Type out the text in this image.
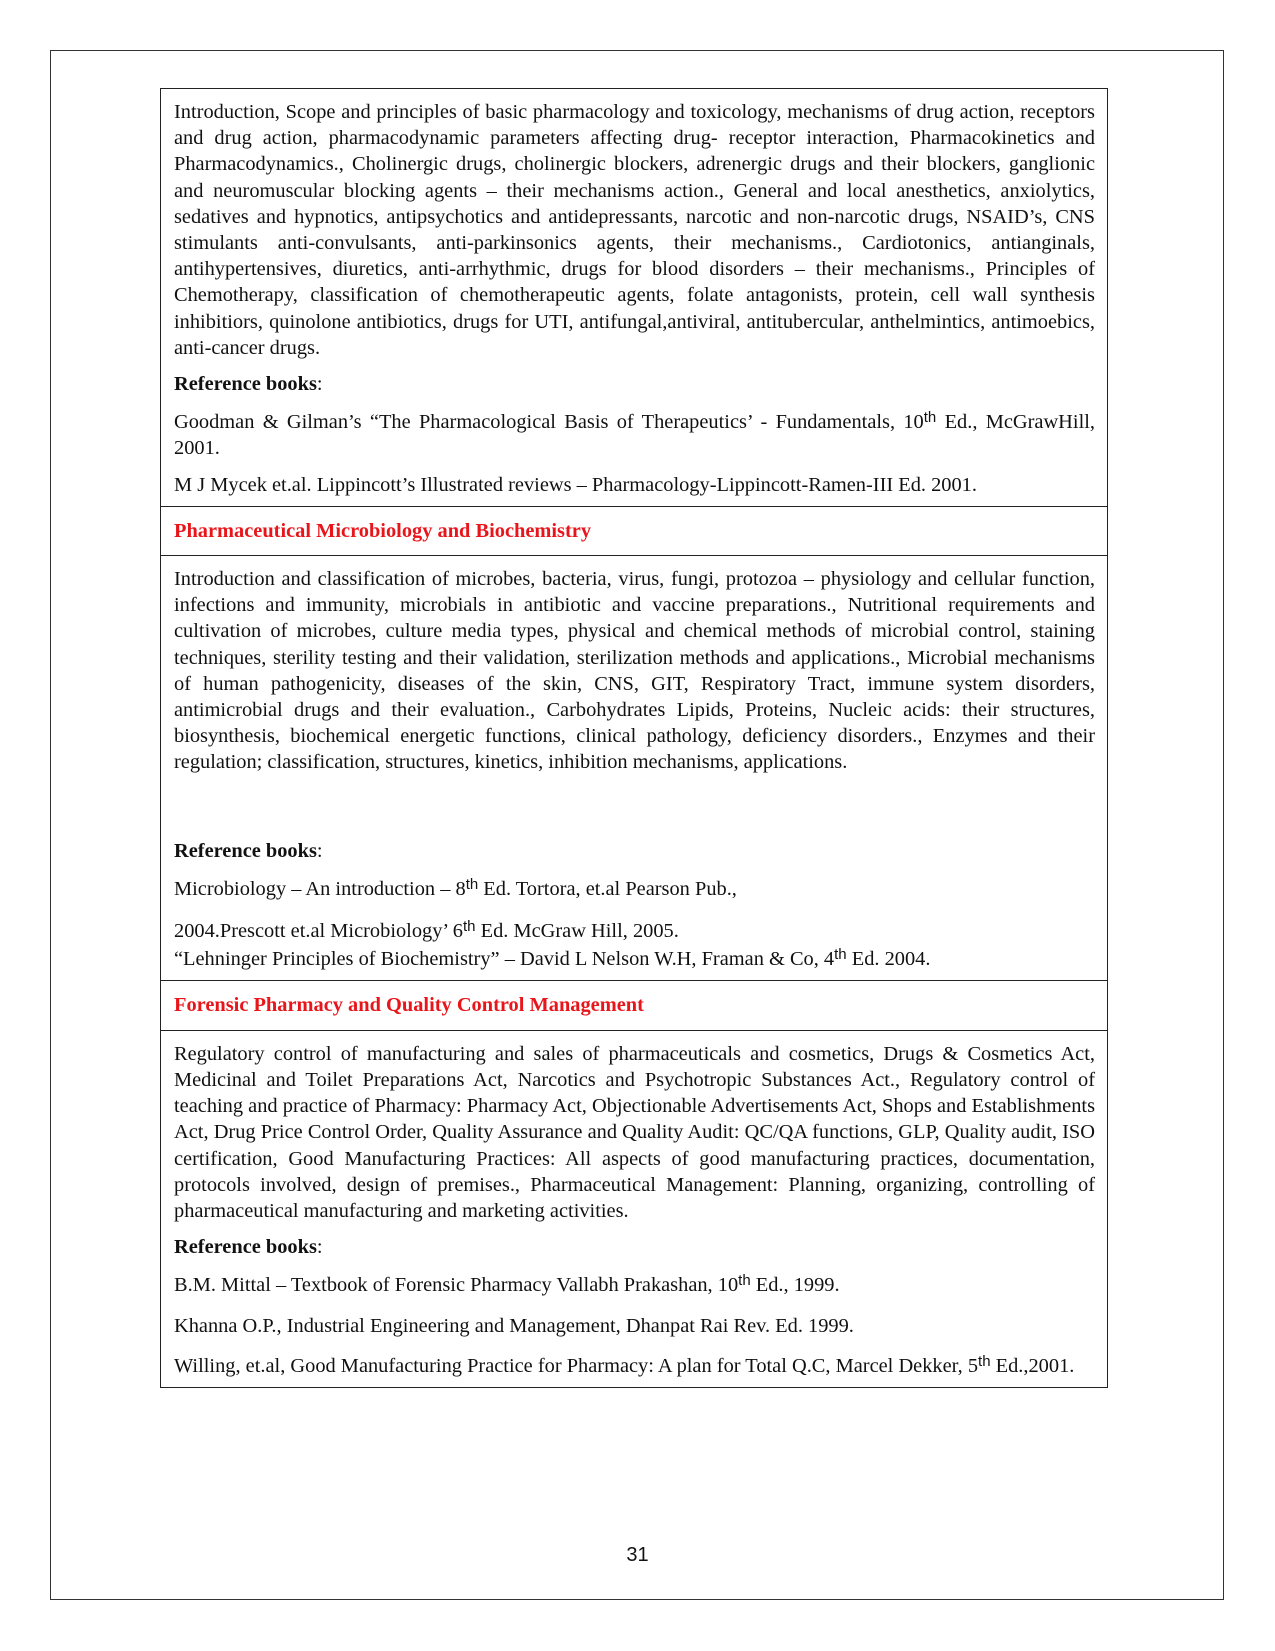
Introduction, Scope and principles of basic pharmacology and toxicology, mechanisms of drug action, receptors and drug action, pharmacodynamic parameters affecting drug- receptor interaction, Pharmacokinetics and Pharmacodynamics., Cholinergic drugs, cholinergic blockers, adrenergic drugs and their blockers, ganglionic and neuromuscular blocking agents – their mechanisms action., General and local anesthetics, anxiolytics, sedatives and hypnotics, antipsychotics and antidepressants, narcotic and non-narcotic drugs, NSAID’s, CNS stimulants anti-convulsants, anti-parkinsonics agents, their mechanisms., Cardiotonics, antianginals, antihypertensives, diuretics, anti-arrhythmic, drugs for blood disorders – their mechanisms., Principles of Chemotherapy, classification of chemotherapeutic agents, folate antagonists, protein, cell wall synthesis inhibitiors, quinolone antibiotics, drugs for UTI, antifungal,antiviral, antitubercular, anthelmintics, antimoebics, anti-cancer drugs.

Reference books:

Goodman & Gilman’s “The Pharmacological Basis of Therapeutics’ - Fundamentals, 10th Ed., McGrawHill, 2001.

M J Mycek et.al. Lippincott’s Illustrated reviews – Pharmacology-Lippincott-Ramen-III Ed. 2001.

Pharmaceutical Microbiology and Biochemistry

Introduction and classification of microbes, bacteria, virus, fungi, protozoa – physiology and cellular function, infections and immunity, microbials in antibiotic and vaccine preparations., Nutritional requirements and cultivation of microbes, culture media types, physical and chemical methods of microbial control, staining techniques, sterility testing and their validation, sterilization methods and applications., Microbial mechanisms of human pathogenicity, diseases of the skin, CNS, GIT, Respiratory Tract, immune system disorders, antimicrobial drugs and their evaluation., Carbohydrates Lipids, Proteins, Nucleic acids: their structures, biosynthesis, biochemical energetic functions, clinical pathology, deficiency disorders., Enzymes and their regulation; classification, structures, kinetics, inhibition mechanisms, applications.

Reference books:

Microbiology – An introduction – 8th Ed. Tortora, et.al Pearson Pub.,

2004.Prescott et.al Microbiology’ 6th Ed. McGraw Hill, 2005.

“Lehninger Principles of Biochemistry” – David L Nelson W.H, Framan & Co, 4th Ed. 2004.

Forensic Pharmacy and Quality Control Management

Regulatory control of manufacturing and sales of pharmaceuticals and cosmetics, Drugs & Cosmetics Act, Medicinal and Toilet Preparations Act, Narcotics and Psychotropic Substances Act., Regulatory control of teaching and practice of Pharmacy: Pharmacy Act, Objectionable Advertisements Act, Shops and Establishments Act, Drug Price Control Order, Quality Assurance and Quality Audit: QC/QA functions, GLP, Quality audit, ISO certification, Good Manufacturing Practices: All aspects of good manufacturing practices, documentation, protocols involved, design of premises., Pharmaceutical Management: Planning, organizing, controlling of pharmaceutical manufacturing and marketing activities.

Reference books:

B.M. Mittal – Textbook of Forensic Pharmacy Vallabh Prakashan, 10th Ed., 1999.

Khanna O.P., Industrial Engineering and Management, Dhanpat Rai Rev. Ed. 1999.

Willing, et.al, Good Manufacturing Practice for Pharmacy: A plan for Total Q.C, Marcel Dekker, 5th Ed.,2001.

31
